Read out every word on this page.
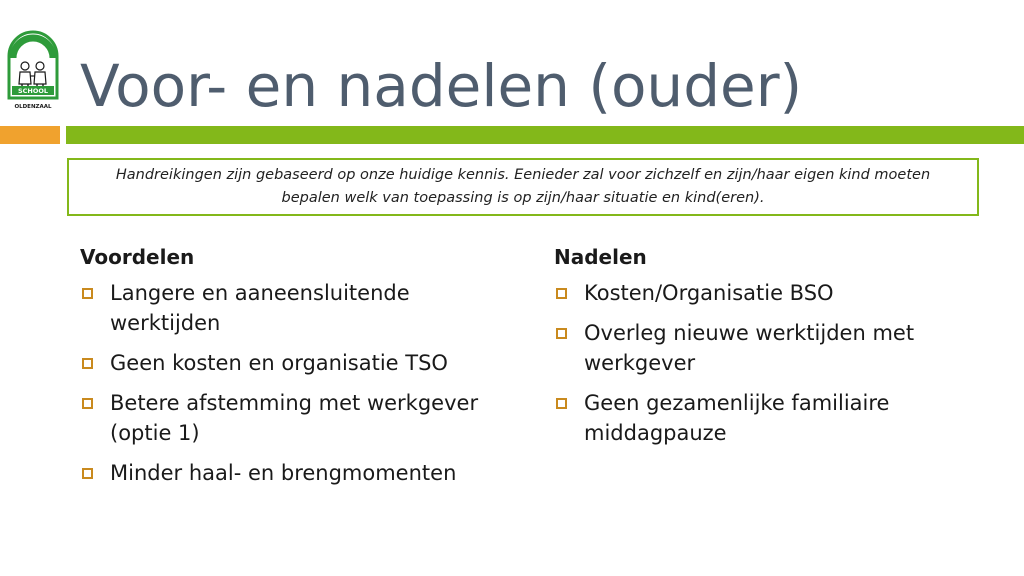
SCHOOL
OLDENZAAL Voor- en nadelen (ouder)

Handreikingen zijn gebaseerd op onze huidige kennis. Eenieder zal voor zichzelf en zijn/haar eigen kind moeten bepalen welk van toepassing is op zijn/haar situatie en kind(eren).

Voordelen
Langere en aaneensluitende werktijden
Geen kosten en organisatie TSO
Betere afstemming met werkgever (optie 1)
Minder haal- en brengmomenten
Nadelen
Kosten/Organisatie BSO
Overleg nieuwe werktijden met werkgever
Geen gezamenlijke familiaire middagpauze
